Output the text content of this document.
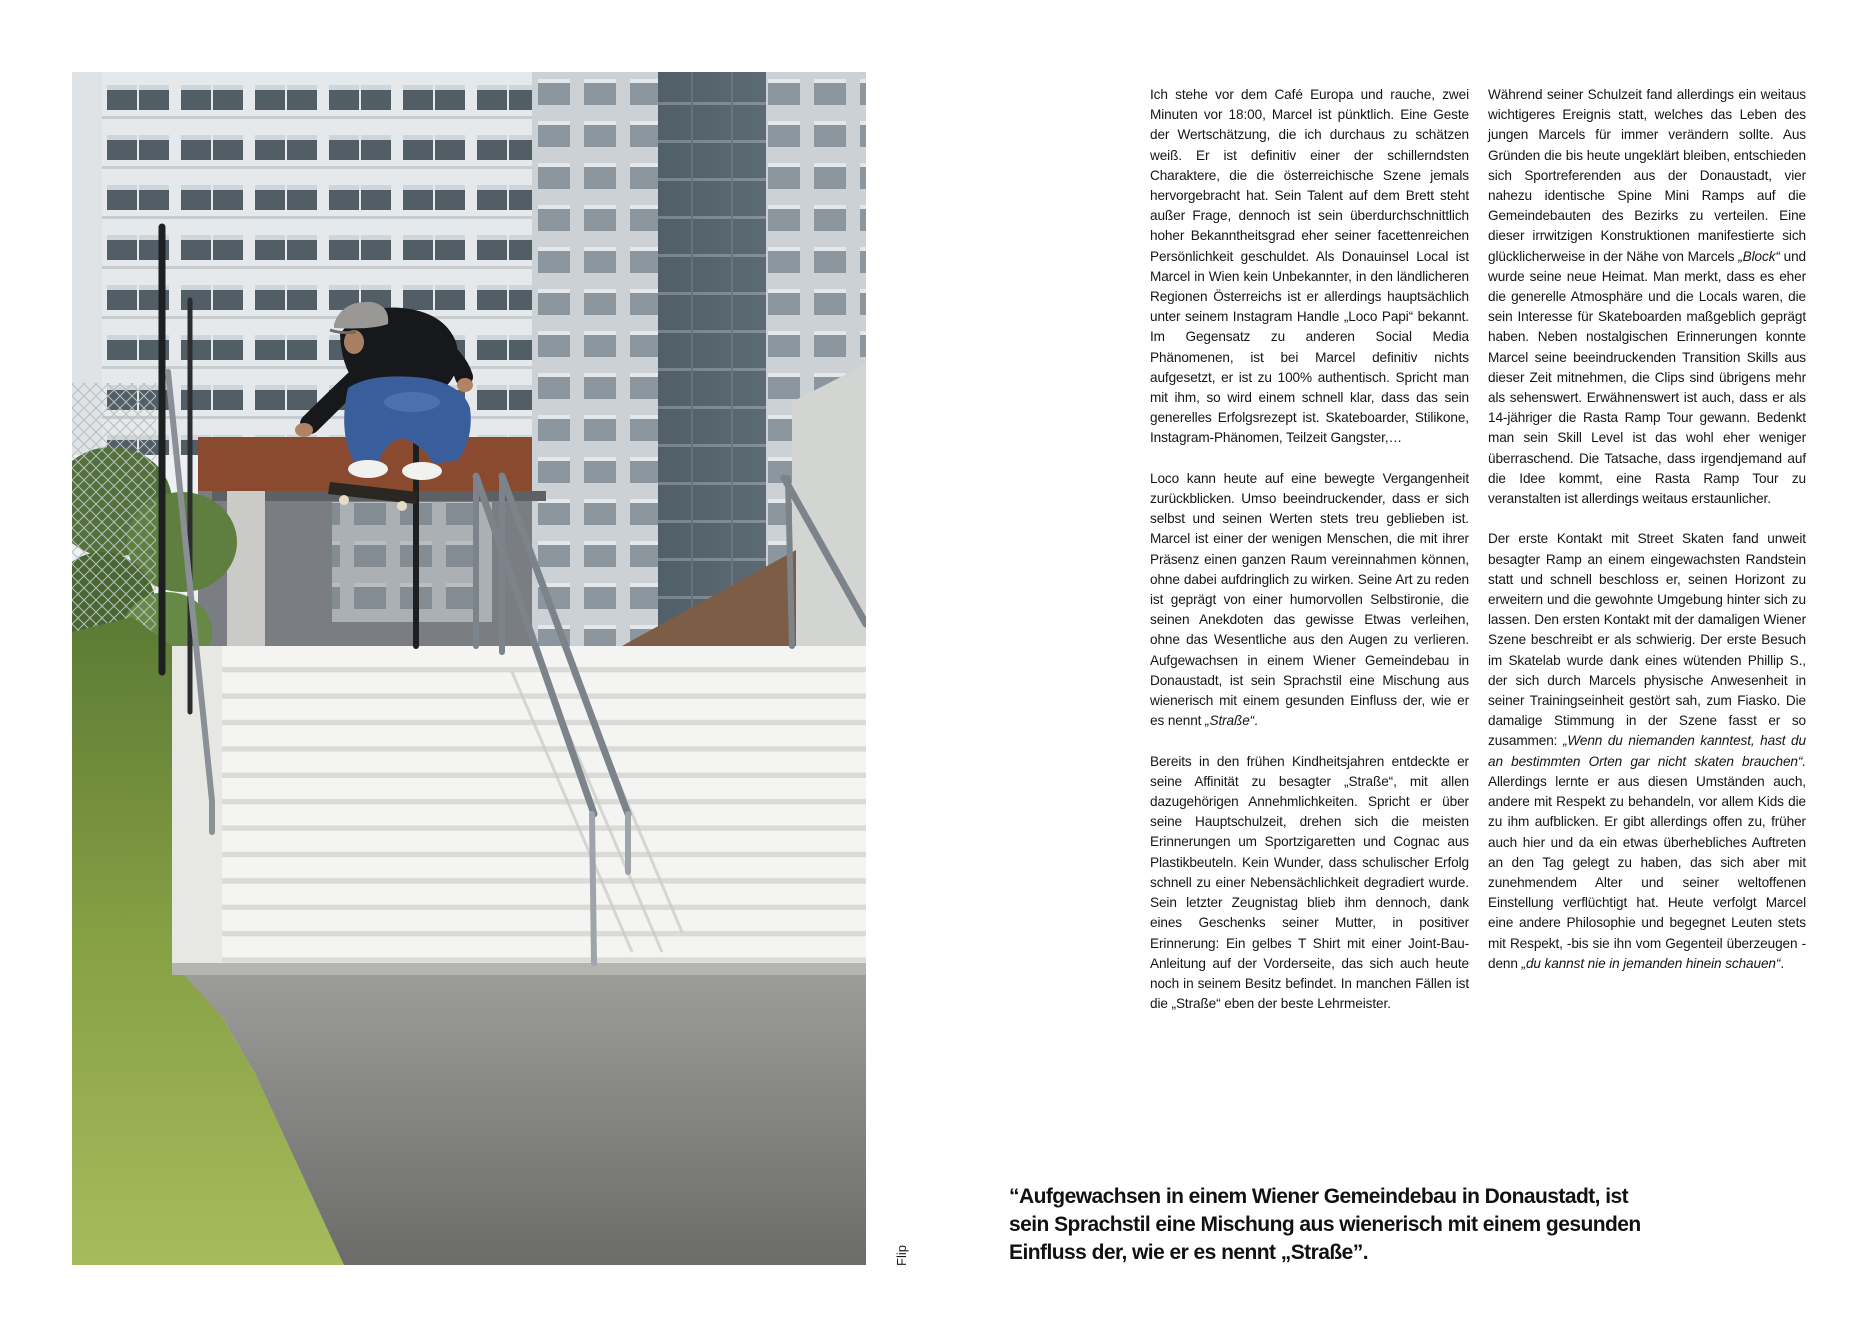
Flip

Ich stehe vor dem Café Europa und rauche, zwei Minuten vor 18:00, Marcel ist pünktlich. Eine Geste der Wertschätzung, die ich durchaus zu schätzen weiß. Er ist definitiv einer der schillerndsten Charaktere, die die österreichische Szene jemals hervorgebracht hat. Sein Talent auf dem Brett steht außer Frage, dennoch ist sein überdurchschnittlich hoher Bekanntheitsgrad eher seiner facettenreichen Persönlichkeit geschuldet. Als Donauinsel Local ist Marcel in Wien kein Unbekannter, in den ländlicheren Regionen Österreichs ist er allerdings hauptsächlich unter seinem Instagram Handle „Loco Papi“ bekannt. Im Gegensatz zu anderen Social Media Phänomenen, ist bei Marcel definitiv nichts aufgesetzt, er ist zu 100% authentisch. Spricht man mit ihm, so wird einem schnell klar, dass das sein generelles Erfolgsrezept ist. Skateboarder, Stilikone, Instagram-Phänomen, Teilzeit Gangster,…

Loco kann heute auf eine bewegte Vergangenheit zurückblicken. Umso beeindruckender, dass er sich selbst und seinen Werten stets treu geblieben ist. Marcel ist einer der wenigen Menschen, die mit ihrer Präsenz einen ganzen Raum vereinnahmen können, ohne dabei aufdringlich zu wirken. Seine Art zu reden ist geprägt von einer humorvollen Selbstironie, die seinen Anekdoten das gewisse Etwas verleihen, ohne das Wesentliche aus den Augen zu verlieren. Aufgewachsen in einem Wiener Gemeindebau in Donaustadt, ist sein Sprachstil eine Mischung aus wienerisch mit einem gesunden Einfluss der, wie er es nennt „Straße“.

Bereits in den frühen Kindheitsjahren entdeckte er seine Affinität zu besagter „Straße“, mit allen dazugehörigen Annehmlichkeiten. Spricht er über seine Hauptschulzeit, drehen sich die meisten Erinnerungen um Sportzigaretten und Cognac aus Plastikbeuteln. Kein Wunder, dass schulischer Erfolg schnell zu einer Nebensächlichkeit degradiert wurde. Sein letzter Zeugnistag blieb ihm dennoch, dank eines Geschenks seiner Mutter, in positiver Erinnerung: Ein gelbes T Shirt mit einer Joint-Bau-Anleitung auf der Vorderseite, das sich auch heute noch in seinem Besitz befindet. In manchen Fällen ist die „Straße“ eben der beste Lehrmeister.

Während seiner Schulzeit fand allerdings ein weitaus wichtigeres Ereignis statt, welches das Leben des jungen Marcels für immer verändern sollte. Aus Gründen die bis heute ungeklärt bleiben, entschieden sich Sportreferenden aus der Donaustadt, vier nahezu identische Spine Mini Ramps auf die Gemeindebauten des Bezirks zu verteilen. Eine dieser irrwitzigen Konstruktionen manifestierte sich glücklicherweise in der Nähe von Marcels „Block“ und wurde seine neue Heimat. Man merkt, dass es eher die generelle Atmosphäre und die Locals waren, die sein Interesse für Skateboarden maßgeblich geprägt haben. Neben nostalgischen Erinnerungen konnte Marcel seine beeindruckenden Transition Skills aus dieser Zeit mitnehmen, die Clips sind übrigens mehr als sehenswert. Erwähnenswert ist auch, dass er als 14-jähriger die Rasta Ramp Tour gewann. Bedenkt man sein Skill Level ist das wohl eher weniger überraschend. Die Tatsache, dass irgendjemand auf die Idee kommt, eine Rasta Ramp Tour zu veranstalten ist allerdings weitaus erstaunlicher.

Der erste Kontakt mit Street Skaten fand unweit besagter Ramp an einem eingewachsten Randstein statt und schnell beschloss er, seinen Horizont zu erweitern und die gewohnte Umgebung hinter sich zu lassen. Den ersten Kontakt mit der damaligen Wiener Szene beschreibt er als schwierig. Der erste Besuch im Skatelab wurde dank eines wütenden Phillip S., der sich durch Marcels physische Anwesenheit in seiner Trainingseinheit gestört sah, zum Fiasko. Die damalige Stimmung in der Szene fasst er so zusammen: „Wenn du niemanden kanntest, hast du an bestimmten Orten gar nicht skaten brauchen“. Allerdings lernte er aus diesen Umständen auch, andere mit Respekt zu behandeln, vor allem Kids die zu ihm aufblicken. Er gibt allerdings offen zu, früher auch hier und da ein etwas überhebliches Auftreten an den Tag gelegt zu haben, das sich aber mit zunehmendem Alter und seiner weltoffenen Einstellung verflüchtigt hat. Heute verfolgt Marcel eine andere Philosophie und begegnet Leuten stets mit Respekt, -bis sie ihn vom Gegenteil überzeugen - denn „du kannst nie in jemanden hinein schauen“.

“Aufgewachsen in einem Wiener Gemeindebau in Donaustadt, ist
sein Sprachstil eine Mischung aus wienerisch mit einem gesunden
Einfluss der, wie er es nennt „Straße”.
